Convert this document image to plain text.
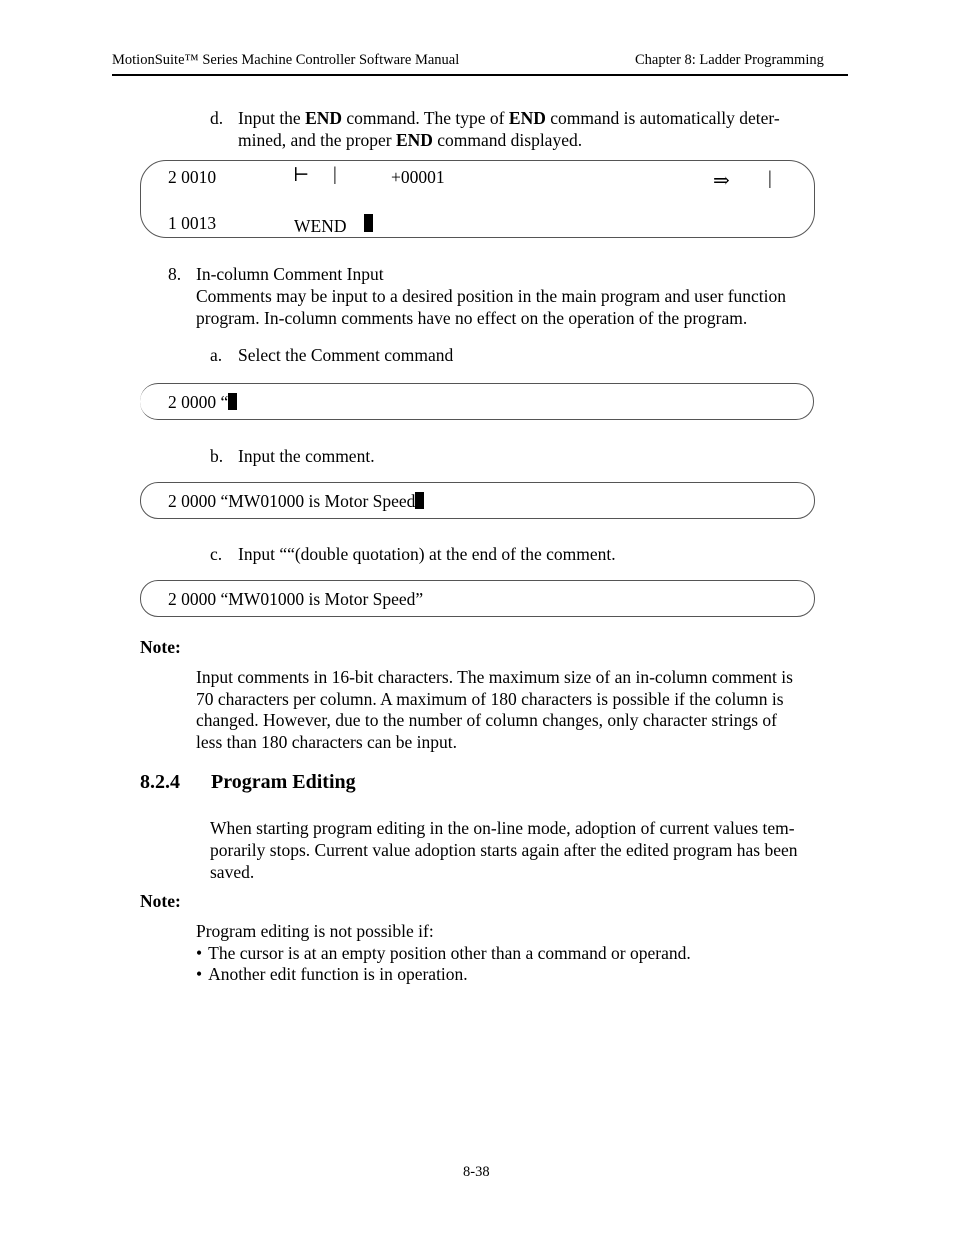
MotionSuite™ Series Machine Controller Software Manual	Chapter 8: Ladder Programming
d. Input the END command. The type of END command is automatically deter-
mined, and the proper END command displayed.
2 0010	⊢ |	+00001	⇒ |
1 0013	WEND
8. In-column Comment Input
Comments may be input to a desired position in the main program and user function
program. In-column comments have no effect on the operation of the program.
a. Select the Comment command
2 0000 “
b. Input the comment.
2 0000 “MW01000 is Motor Speed
c. Input ““(double quotation) at the end of the comment.
2 0000 “MW01000 is Motor Speed”
Note:
Input comments in 16-bit characters. The maximum size of an in-column comment is
70 characters per column. A maximum of 180 characters is possible if the column is
changed. However, due to the number of column changes, only character strings of
less than 180 characters can be input.
8.2.4 Program Editing
When starting program editing in the on-line mode, adoption of current values tem-
porarily stops. Current value adoption starts again after the edited program has been
saved.
Note:
Program editing is not possible if:
• The cursor is at an empty position other than a command or operand.
• Another edit function is in operation.
8-38
